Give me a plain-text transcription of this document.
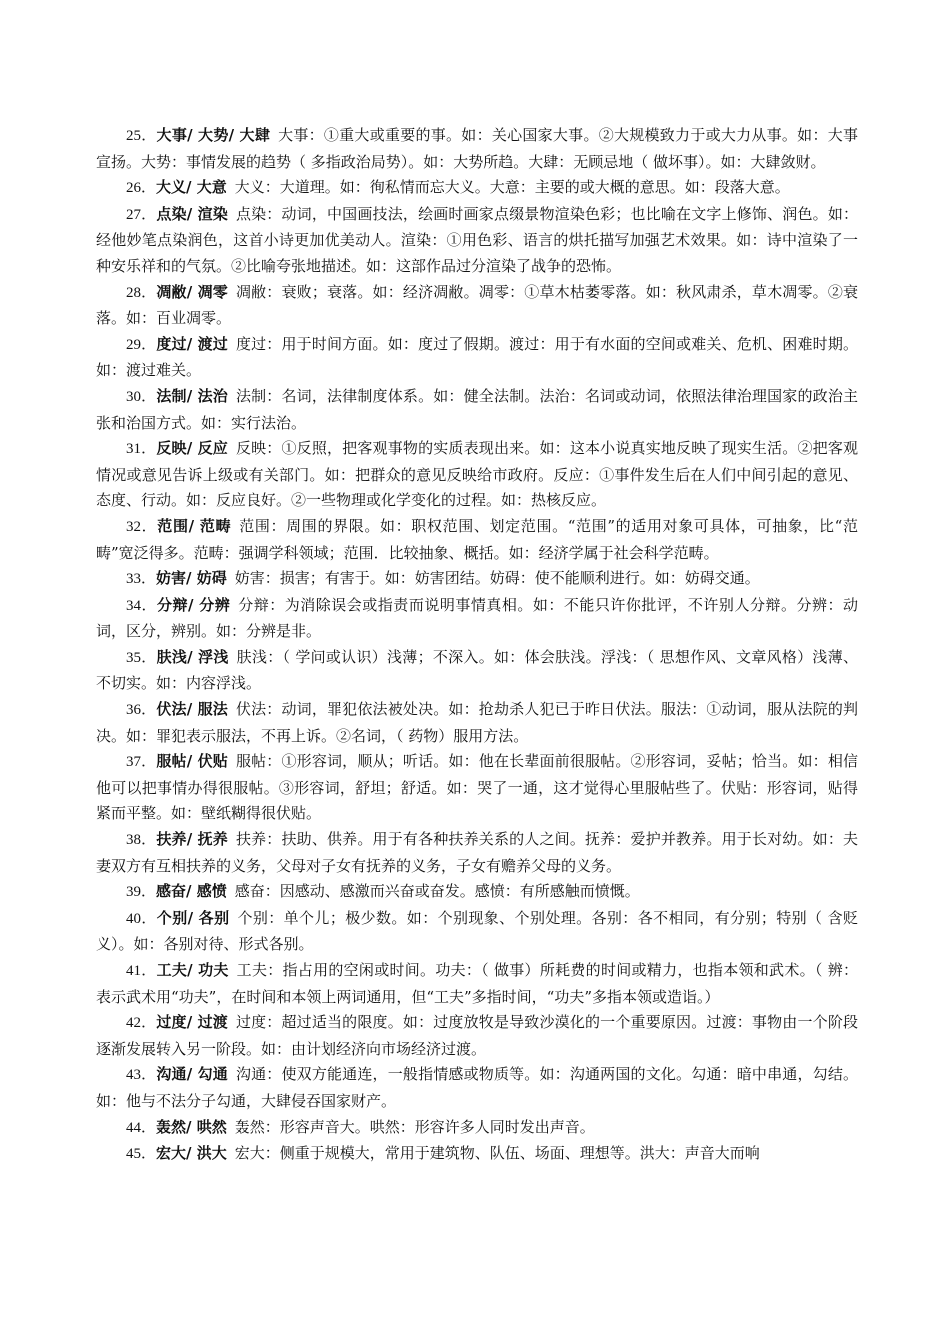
25．大事/ 大势/ 大肆 大事：①重大或重要的事。如：关心国家大事。②大规模致力于或大力从事。如：大事宣扬。大势：事情发展的趋势（ 多指政治局势）。如：大势所趋。大肆：无顾忌地（ 做坏事）。如：大肆敛财。

26．大义/ 大意 大义：大道理。如：徇私情而忘大义。大意：主要的或大概的意思。如：段落大意。

27．点染/ 渲染 点染：动词，中国画技法，绘画时画家点缀景物渲染色彩；也比喻在文字上修饰、润色。如：经他妙笔点染润色，这首小诗更加优美动人。渲染：①用色彩、语言的烘托描写加强艺术效果。如：诗中渲染了一种安乐祥和的气氛。②比喻夸张地描述。如：这部作品过分渲染了战争的恐怖。

28．凋敝/ 凋零 凋敝：衰败；衰落。如：经济凋敝。凋零：①草木枯萎零落。如：秋风肃杀，草木凋零。②衰落。如：百业凋零。

29．度过/ 渡过 度过：用于时间方面。如：度过了假期。渡过：用于有水面的空间或难关、危机、困难时期。如：渡过难关。

30．法制/ 法治 法制：名词，法律制度体系。如：健全法制。法治：名词或动词，依照法律治理国家的政治主张和治国方式。如：实行法治。

31．反映/ 反应 反映：①反照，把客观事物的实质表现出来。如：这本小说真实地反映了现实生活。②把客观情况或意见告诉上级或有关部门。如：把群众的意见反映给市政府。反应：①事件发生后在人们中间引起的意见、态度、行动。如：反应良好。②一些物理或化学变化的过程。如：热核反应。

32．范围/ 范畴 范围：周围的界限。如：职权范围、划定范围。“范围”的适用对象可具体，可抽象，比“范畴”宽泛得多。范畴：强调学科领域；范围．比较抽象、概括。如：经济学属于社会科学范畴。

33．妨害/ 妨碍 妨害：损害；有害于。如：妨害团结。妨碍：使不能顺利进行。如：妨碍交通。

34．分辩/ 分辨 分辩：为消除误会或指责而说明事情真相。如：不能只许你批评，不许别人分辩。分辨：动词，区分，辨别。如：分辨是非。

35．肤浅/ 浮浅 肤浅：（ 学问或认识）浅薄；不深入。如：体会肤浅。浮浅：（ 思想作风、文章风格）浅薄、不切实。如：内容浮浅。

36．伏法/ 服法 伏法：动词，罪犯依法被处决。如：抢劫杀人犯已于昨日伏法。服法：①动词，服从法院的判决。如：罪犯表示服法，不再上诉。②名词，（ 药物）服用方法。

37．服帖/ 伏贴 服帖：①形容词，顺从；听话。如：他在长辈面前很服帖。②形容词，妥帖；恰当。如：相信他可以把事情办得很服帖。③形容词，舒坦；舒适。如：哭了一通，这才觉得心里服帖些了。伏贴：形容词，贴得紧而平整。如：壁纸糊得很伏贴。

38．扶养/ 抚养 扶养：扶助、供养。用于有各种扶养关系的人之间。抚养：爱护并教养。用于长对幼。如：夫妻双方有互相扶养的义务，父母对子女有抚养的义务，子女有赡养父母的义务。

39．感奋/ 感愤 感奋：因感动、感激而兴奋或奋发。感愤：有所感触而愤慨。

40．个别/ 各别 个别：单个儿；极少数。如：个别现象、个别处理。各别：各不相同，有分别；特别（ 含贬义）。如：各别对待、形式各别。

41．工夫/ 功夫 工夫：指占用的空闲或时间。功夫：（ 做事）所耗费的时间或精力，也指本领和武术。（ 辨：表示武术用“功夫”，在时间和本领上两词通用，但“工夫”多指时间，“功夫”多指本领或造诣。）

42．过度/ 过渡 过度：超过适当的限度。如：过度放牧是导致沙漠化的一个重要原因。过渡：事物由一个阶段逐渐发展转入另一阶段。如：由计划经济向市场经济过渡。

43．沟通/ 勾通 沟通：使双方能通连，一般指情感或物质等。如：沟通两国的文化。勾通：暗中串通，勾结。如：他与不法分子勾通，大肆侵吞国家财产。

44．轰然/ 哄然 轰然：形容声音大。哄然：形容许多人同时发出声音。

45．宏大/ 洪大 宏大：侧重于规模大，常用于建筑物、队伍、场面、理想等。洪大：声音大而响
